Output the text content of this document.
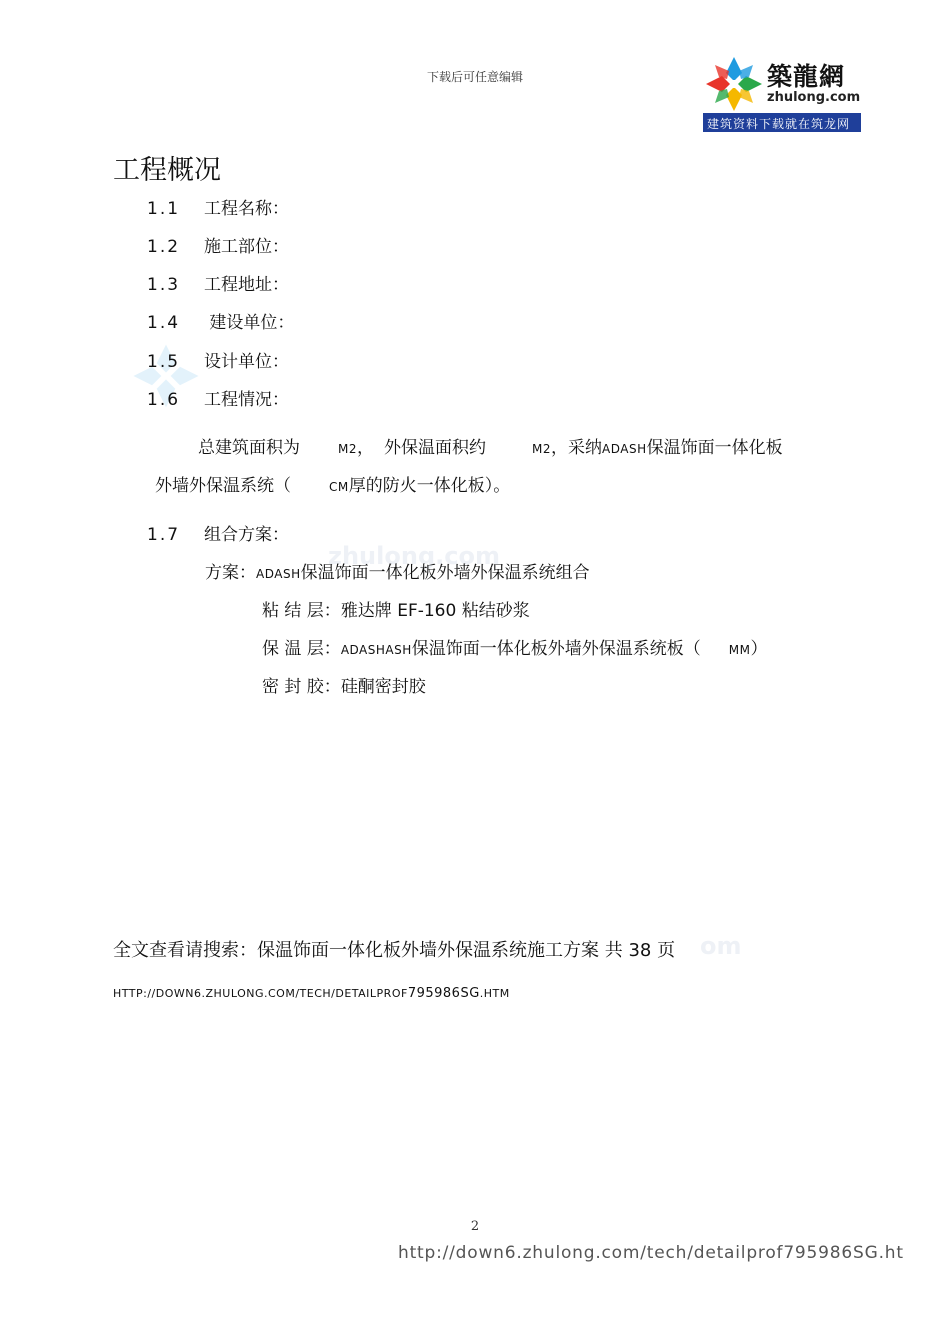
下载后可任意编辑	築龍網
zhulong.com
建筑资料下载就在筑龙网
zhulong.com
工程概况
1.1 工程名称：
1.2 施工部位：
1.3 工程地址：
1.4 建设单位：
1.5 设计单位：
1.6 工程情况：
总建筑面积为	M2， 外保温面积约	M2，采纳ADASH保温饰面一体化板
外墙外保温系统（	CM厚的防火一体化板）。
1.7 组合方案：
方案：ADASH保温饰面一体化板外墙外保温系统组合
粘 结 层：雅达牌 EF-160 粘结砂浆
保 温 层：ADASHASH保温饰面一体化板外墙外保温系统板（ MM）
密 封 胶：硅酮密封胶
全文查看请搜索：保温饰面一体化板外墙外保温系统施工方案 共 38 页 om
HTTP://DOWN6.ZHULONG.COM/TECH/DETAILPROF795986SG.HTM
2
http://down6.zhulong.com/tech/detailprof795986SG.ht
